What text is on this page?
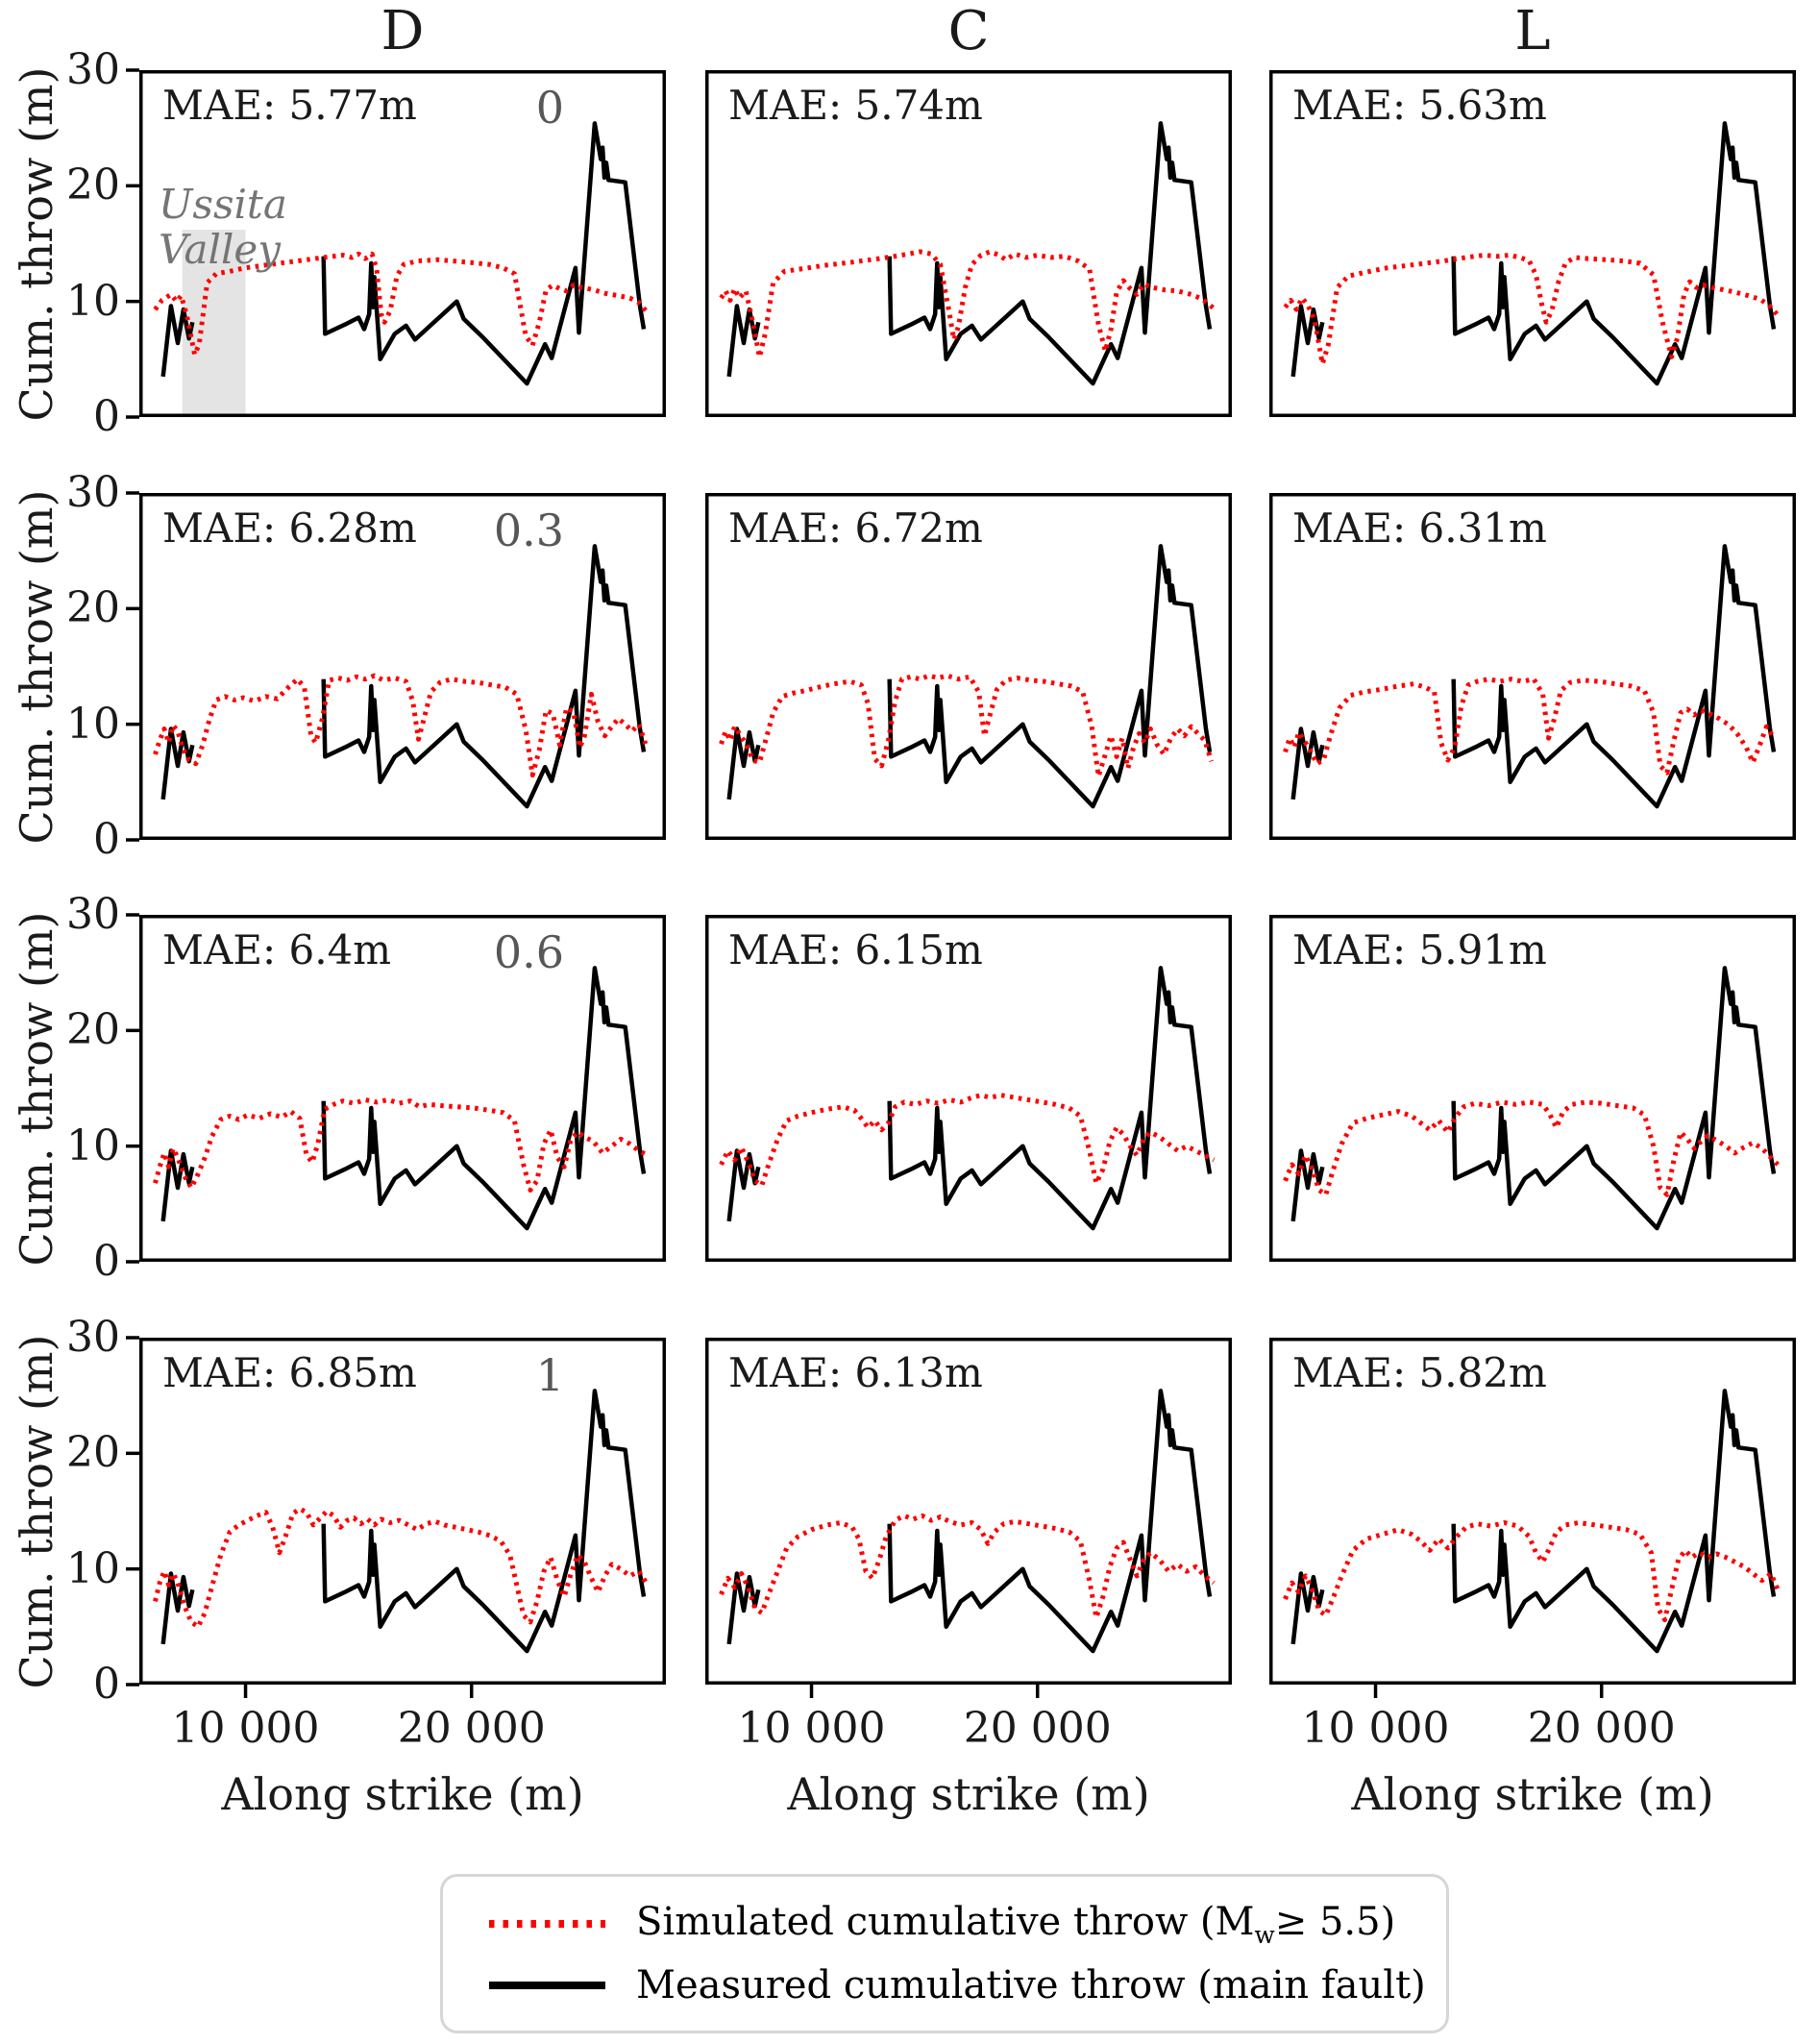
D	C	L
MAE: 5.77m	0
Ussita
Valley
MAE: 5.74m	MAE: 5.63m
MAE: 6.28m	0.3	MAE: 6.72m	MAE: 6.31m
MAE: 6.4m	0.6	MAE: 6.15m	MAE: 5.91m
MAE: 6.85m	1	MAE: 6.13m	MAE: 5.82m
Cum. throw (m) 30
20
10
0
Cum. throw (m) 30
20
10
0
Cum. throw (m) 30
20
10
0
Cum. throw (m) 30
20
10
0
10 000	20 000
Along strike (m)
10 000	20 000
Along strike (m)
10 000	20 000
Along strike (m)
Simulated cumulative throw $(M_w\ge 5.5)$
Measured cumulative throw (main fault)
